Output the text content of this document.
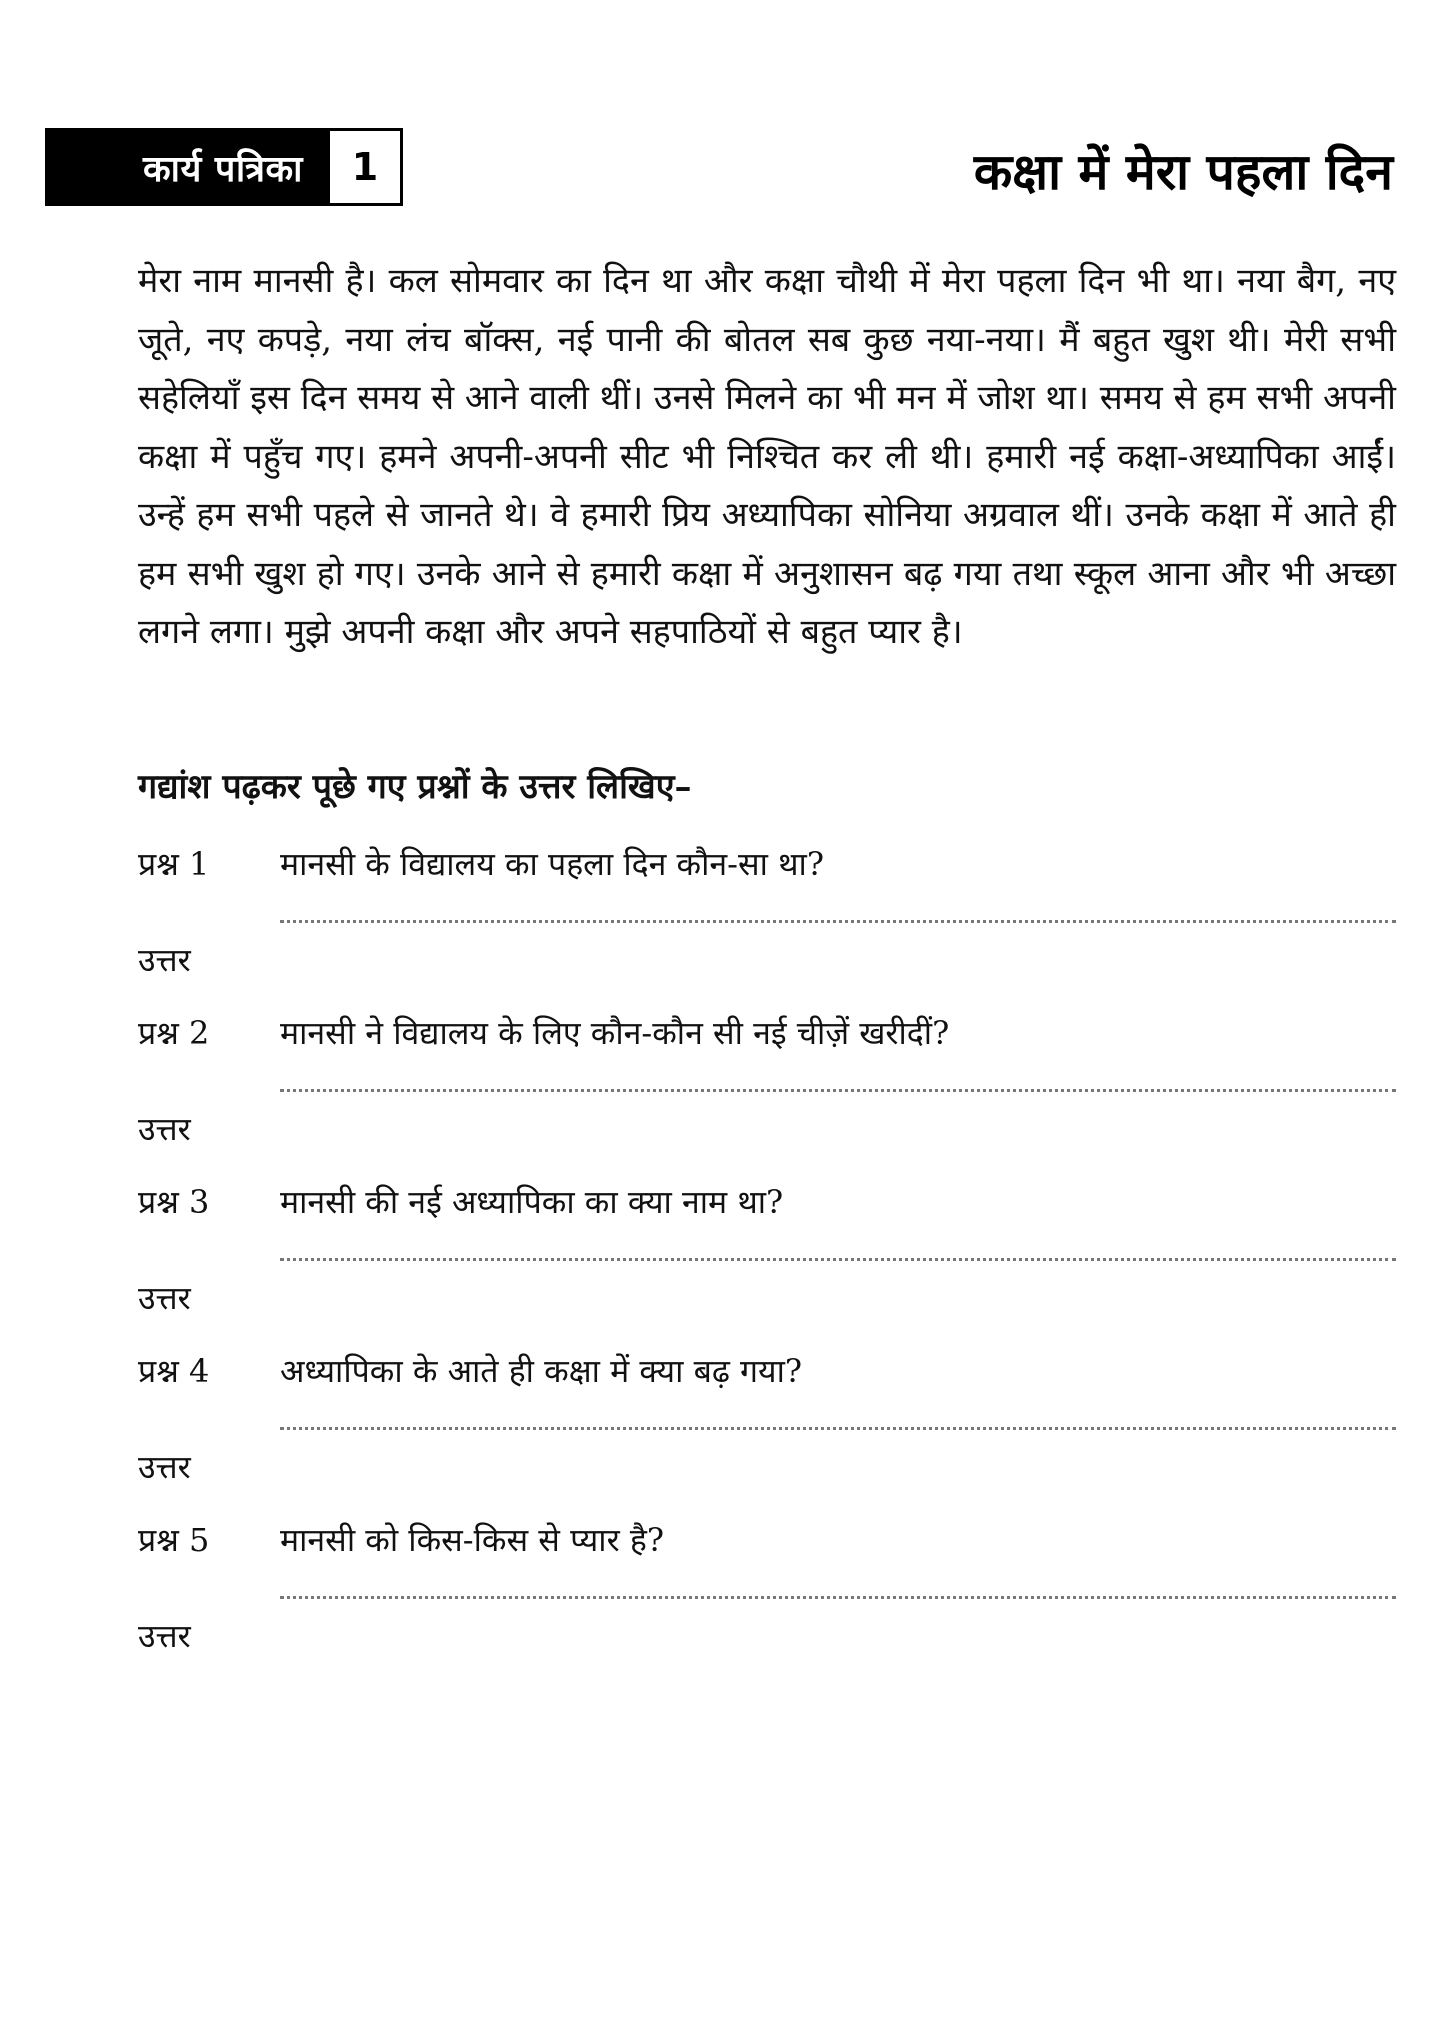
कार्य पत्रिका	1	कक्षा में मेरा पहला दिन

मेरा नाम मानसी है। कल सोमवार का दिन था और कक्षा चौथी में मेरा पहला दिन भी था। नया बैग, नए जूते, नए कपड़े, नया लंच बॉक्स, नई पानी की बोतल सब कुछ नया-नया। मैं बहुत खुश थी। मेरी सभी सहेलियाँ इस दिन समय से आने वाली थीं। उनसे मिलने का भी मन में जोश था। समय से हम सभी अपनी कक्षा में पहुँच गए। हमने अपनी-अपनी सीट भी निश्चित कर ली थी। हमारी नई कक्षा-अध्यापिका आईं। उन्हें हम सभी पहले से जानते थे। वे हमारी प्रिय अध्यापिका सोनिया अग्रवाल थीं। उनके कक्षा में आते ही हम सभी खुश हो गए। उनके आने से हमारी कक्षा में अनुशासन बढ़ गया तथा स्कूल आना और भी अच्छा लगने लगा। मुझे अपनी कक्षा और अपने सहपाठियों से बहुत प्यार है।

गद्यांश पढ़कर पूछे गए प्रश्नों के उत्तर लिखिए–

प्रश्न 1	मानसी के विद्यालय का पहला दिन कौन-सा था?
उत्तर
प्रश्न 2	मानसी ने विद्यालय के लिए कौन-कौन सी नई चीज़ें खरीदीं?
उत्तर
प्रश्न 3	मानसी की नई अध्यापिका का क्या नाम था?
उत्तर
प्रश्न 4	अध्यापिका के आते ही कक्षा में क्या बढ़ गया?
उत्तर
प्रश्न 5	मानसी को किस-किस से प्यार है?
उत्तर
